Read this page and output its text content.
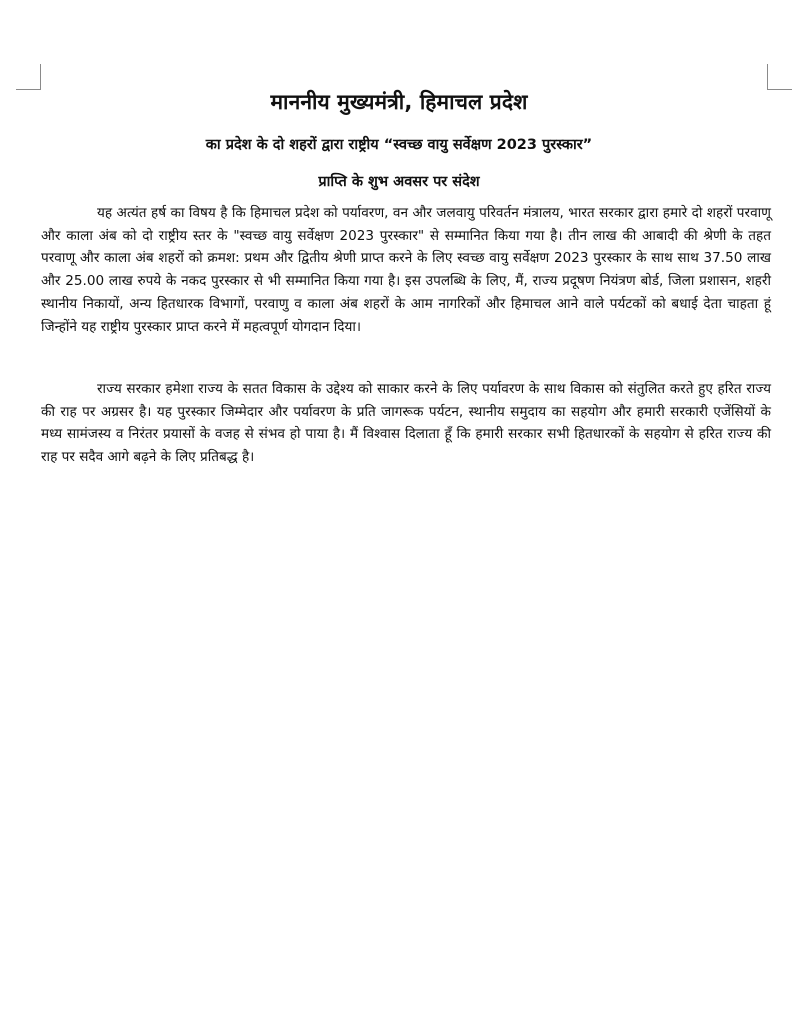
माननीय मुख्यमंत्री, हिमाचल प्रदेश
का प्रदेश के दो शहरों द्वारा राष्ट्रीय “स्वच्छ वायु सर्वेक्षण 2023 पुरस्कार”
प्राप्ति के शुभ अवसर पर संदेश

यह अत्यंत हर्ष का विषय है कि हिमाचल प्रदेश को पर्यावरण, वन और जलवायु परिवर्तन मंत्रालय, भारत सरकार द्वारा हमारे दो शहरों परवाणू और काला अंब को दो राष्ट्रीय स्तर के "स्वच्छ वायु सर्वेक्षण 2023 पुरस्कार" से सम्मानित किया गया है। तीन लाख की आबादी की श्रेणी के तहत परवाणू और काला अंब शहरों को क्रमश: प्रथम और द्वितीय श्रेणी प्राप्त करने के लिए स्वच्छ वायु सर्वेक्षण 2023 पुरस्कार के साथ साथ 37.50 लाख और 25.00 लाख रुपये के नकद पुरस्कार से भी सम्मानित किया गया है। इस उपलब्धि के लिए, मैं, राज्य प्रदूषण नियंत्रण बोर्ड, जिला प्रशासन, शहरी स्थानीय निकायों, अन्य हितधारक विभागों, परवाणु व काला अंब शहरों के आम नागरिकों और हिमाचल आने वाले पर्यटकों को बधाई देता चाहता हूं जिन्होंने यह राष्ट्रीय पुरस्कार प्राप्त करने में महत्वपूर्ण योगदान दिया।

राज्य सरकार हमेशा राज्य के सतत विकास के उद्देश्य को साकार करने के लिए पर्यावरण के साथ विकास को संतुलित करते हुए हरित राज्य की राह पर अग्रसर है। यह पुरस्कार जिम्मेदार और पर्यावरण के प्रति जागरूक पर्यटन, स्थानीय समुदाय का सहयोग और हमारी सरकारी एजेंसियों के मध्य सामंजस्य व निरंतर प्रयासों के वजह से संभव हो पाया है। मैं विश्वास दिलाता हूँ कि हमारी सरकार सभी हितधारकों के सहयोग से हरित राज्य की राह पर सदैव आगे बढ़ने के लिए प्रतिबद्ध है।
